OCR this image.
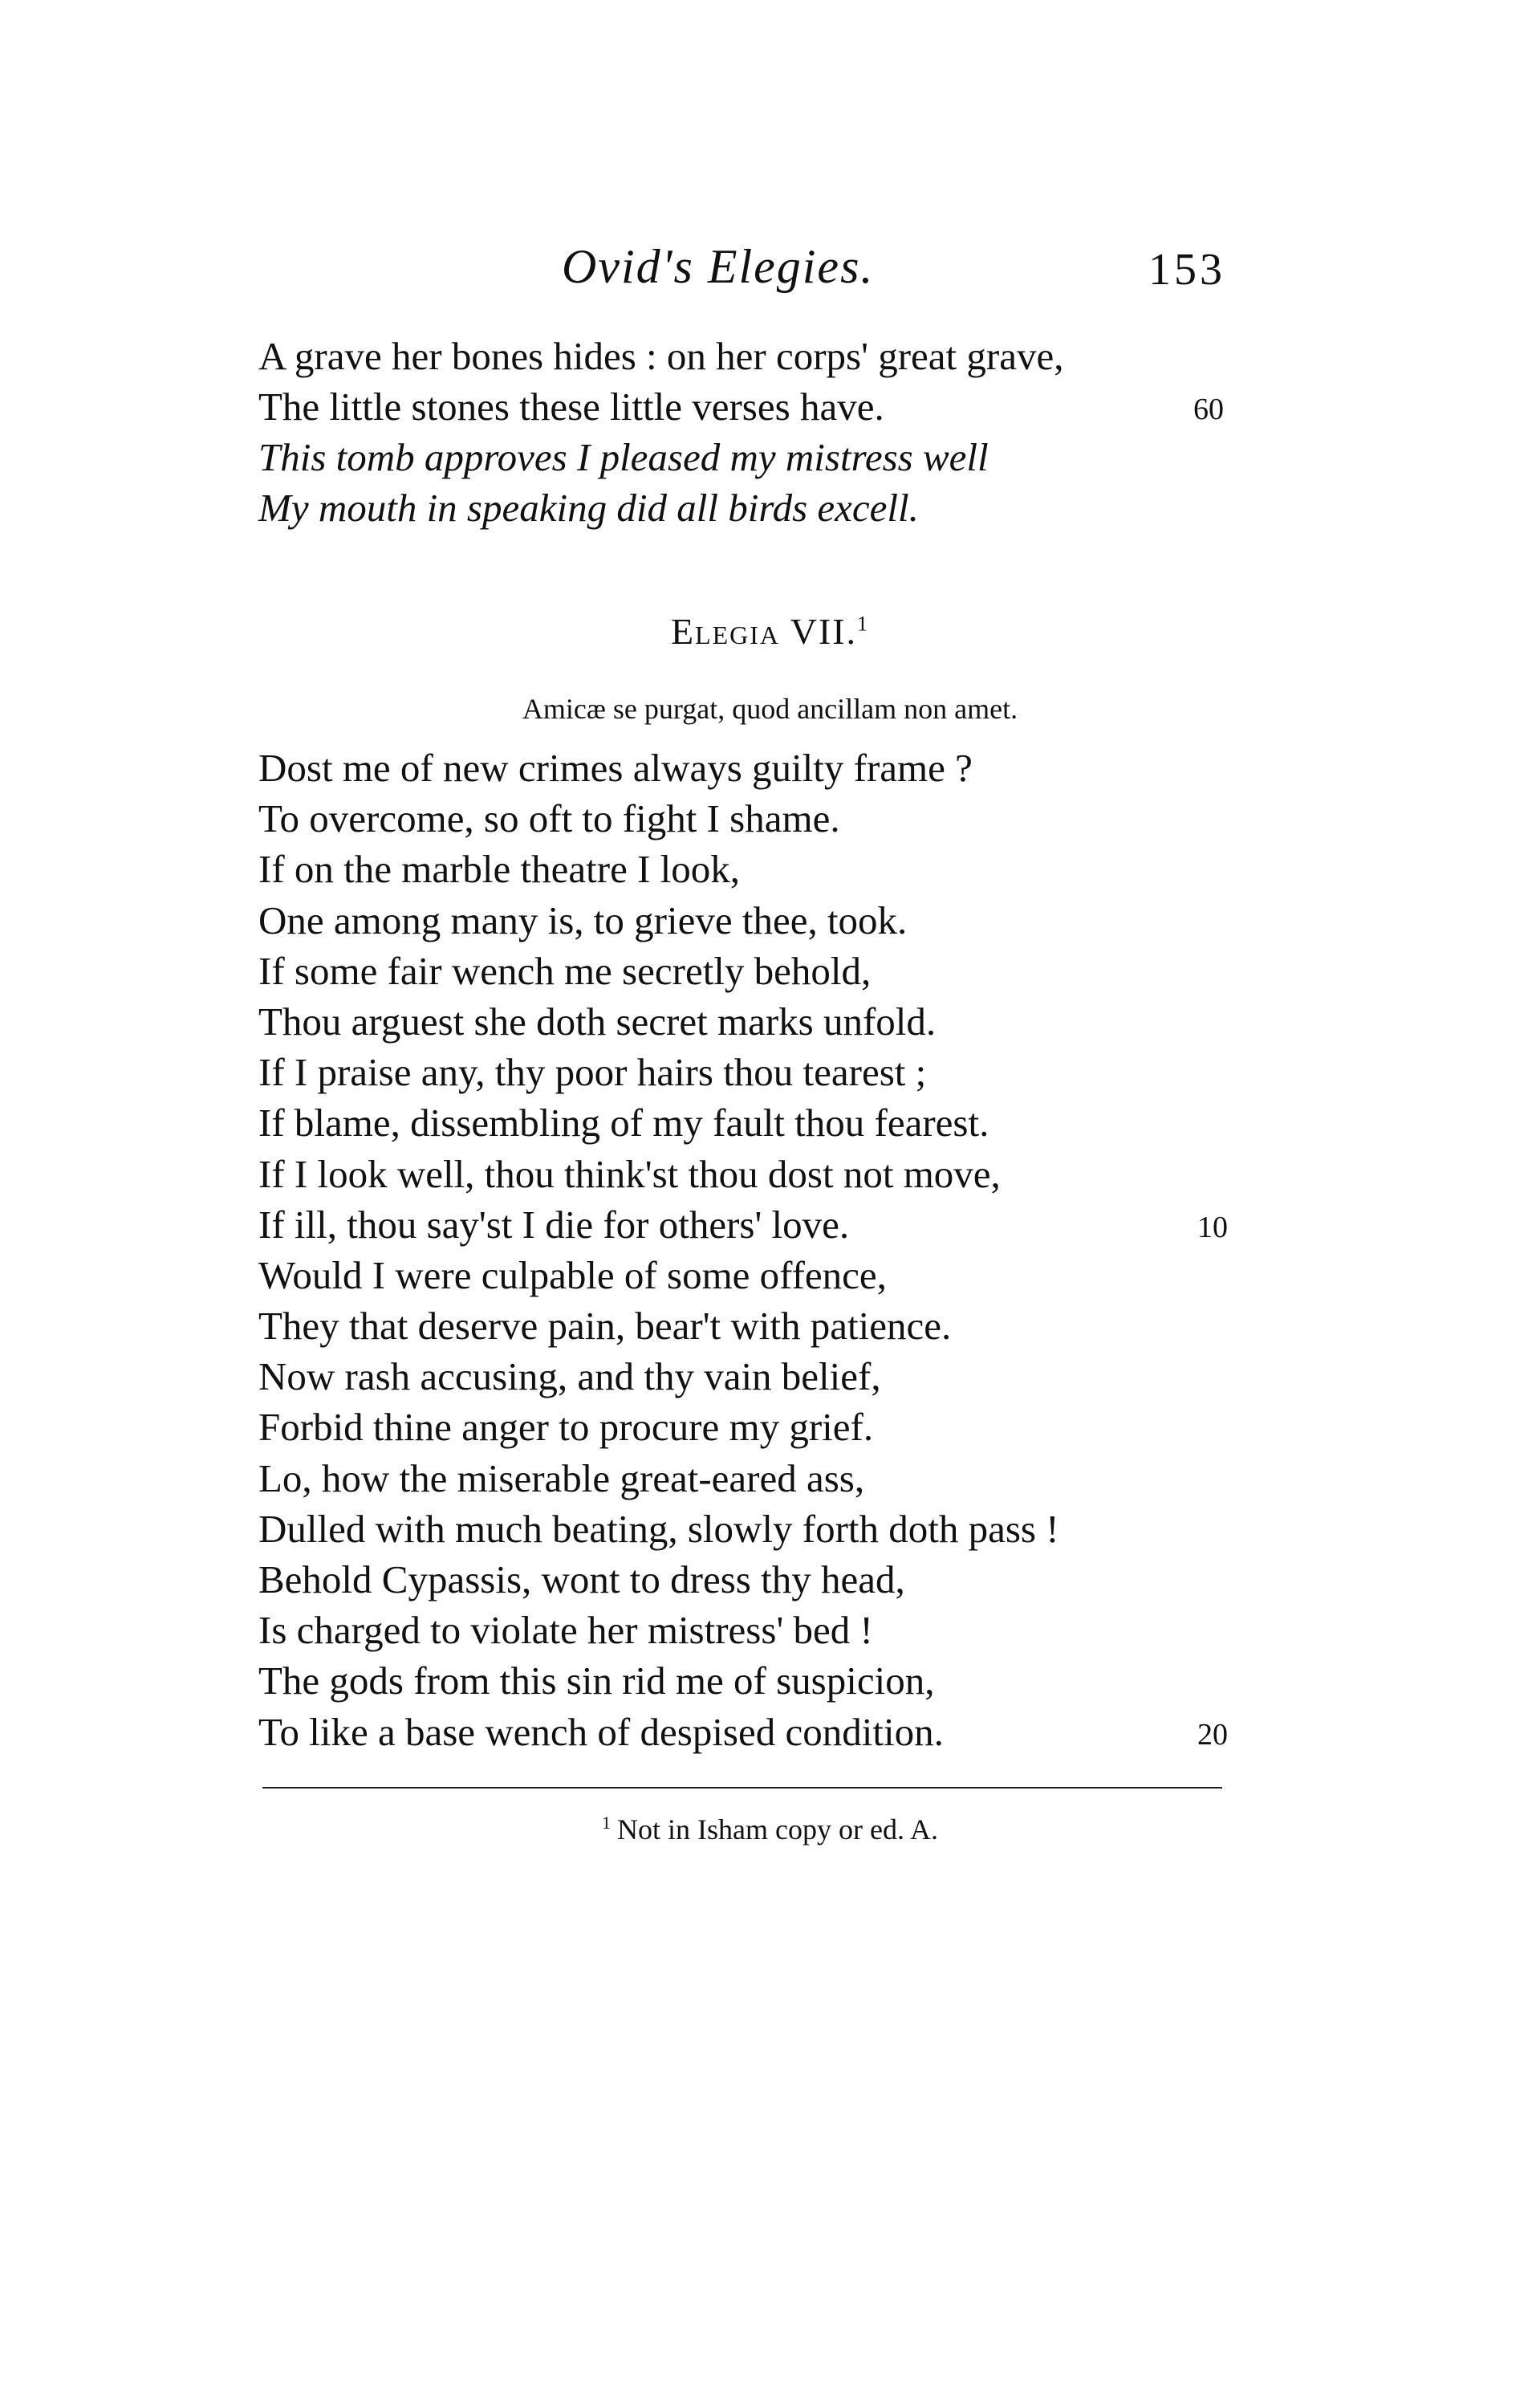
Ovid's Elegies.	153
A grave her bones hides : on her corps' great grave,
The little stones these little verses have.	60
This tomb approves I pleased my mistress well
My mouth in speaking did all birds excell.
Elegia VII.$^1$
Amicæ se purgat, quod ancillam non amet.
Dost me of new crimes always guilty frame ?
To overcome, so oft to fight I shame.
If on the marble theatre I look,
One among many is, to grieve thee, took.
If some fair wench me secretly behold,
Thou arguest she doth secret marks unfold.
If I praise any, thy poor hairs thou tearest ;
If blame, dissembling of my fault thou fearest.
If I look well, thou think'st thou dost not move,
If ill, thou say'st I die for others' love.	10
Would I were culpable of some offence,
They that deserve pain, bear't with patience.
Now rash accusing, and thy vain belief,
Forbid thine anger to procure my grief.
Lo, how the miserable great-eared ass,
Dulled with much beating, slowly forth doth pass !
Behold Cypassis, wont to dress thy head,
Is charged to violate her mistress' bed !
The gods from this sin rid me of suspicion,
To like a base wench of despised condition.	20
$^1$ Not in Isham copy or ed. A.
